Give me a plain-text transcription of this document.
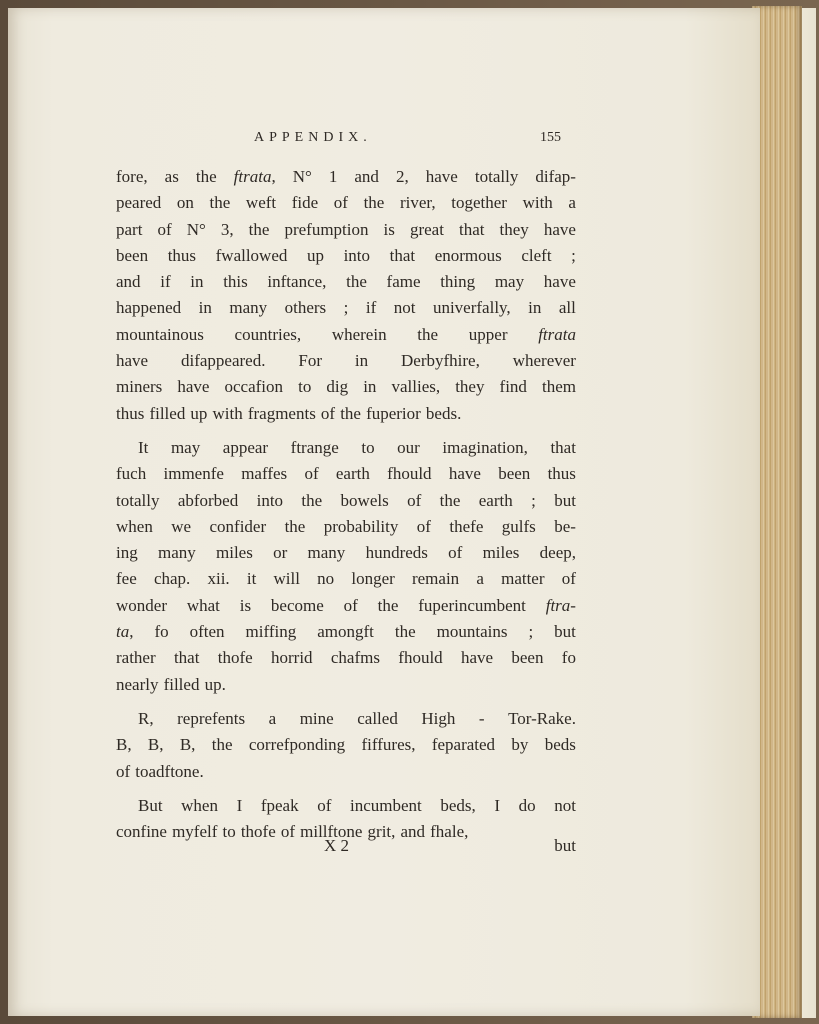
APPENDIX.	155
fore, as the ftrata, N° 1 and 2, have totally difap-
peared on the weft fide of the river, together with a
part of N° 3, the prefumption is great that they have
been thus fwallowed up into that enormous cleft ;
and if in this inftance, the fame thing may have
happened in many others ; if not univerfally, in all
mountainous countries, wherein the upper ftrata
have difappeared. For in Derbyfhire, wherever
miners have occafion to dig in vallies, they find them
thus filled up with fragments of the fuperior beds.
It may appear ftrange to our imagination, that
fuch immenfe maffes of earth fhould have been thus
totally abforbed into the bowels of the earth ; but
when we confider the probability of thefe gulfs be-
ing many miles or many hundreds of miles deep,
fee chap. xii. it will no longer remain a matter of
wonder what is become of the fuperincumbent ftra-
ta, fo often miffing amongft the mountains ; but
rather that thofe horrid chafms fhould have been fo
nearly filled up.
R, reprefents a mine called High - Tor-Rake.
B, B, B, the correfponding fiffures, feparated by beds
of toadftone.
But when I fpeak of incumbent beds, I do not
confine myfelf to thofe of millftone grit, and fhale,
X 2	but
